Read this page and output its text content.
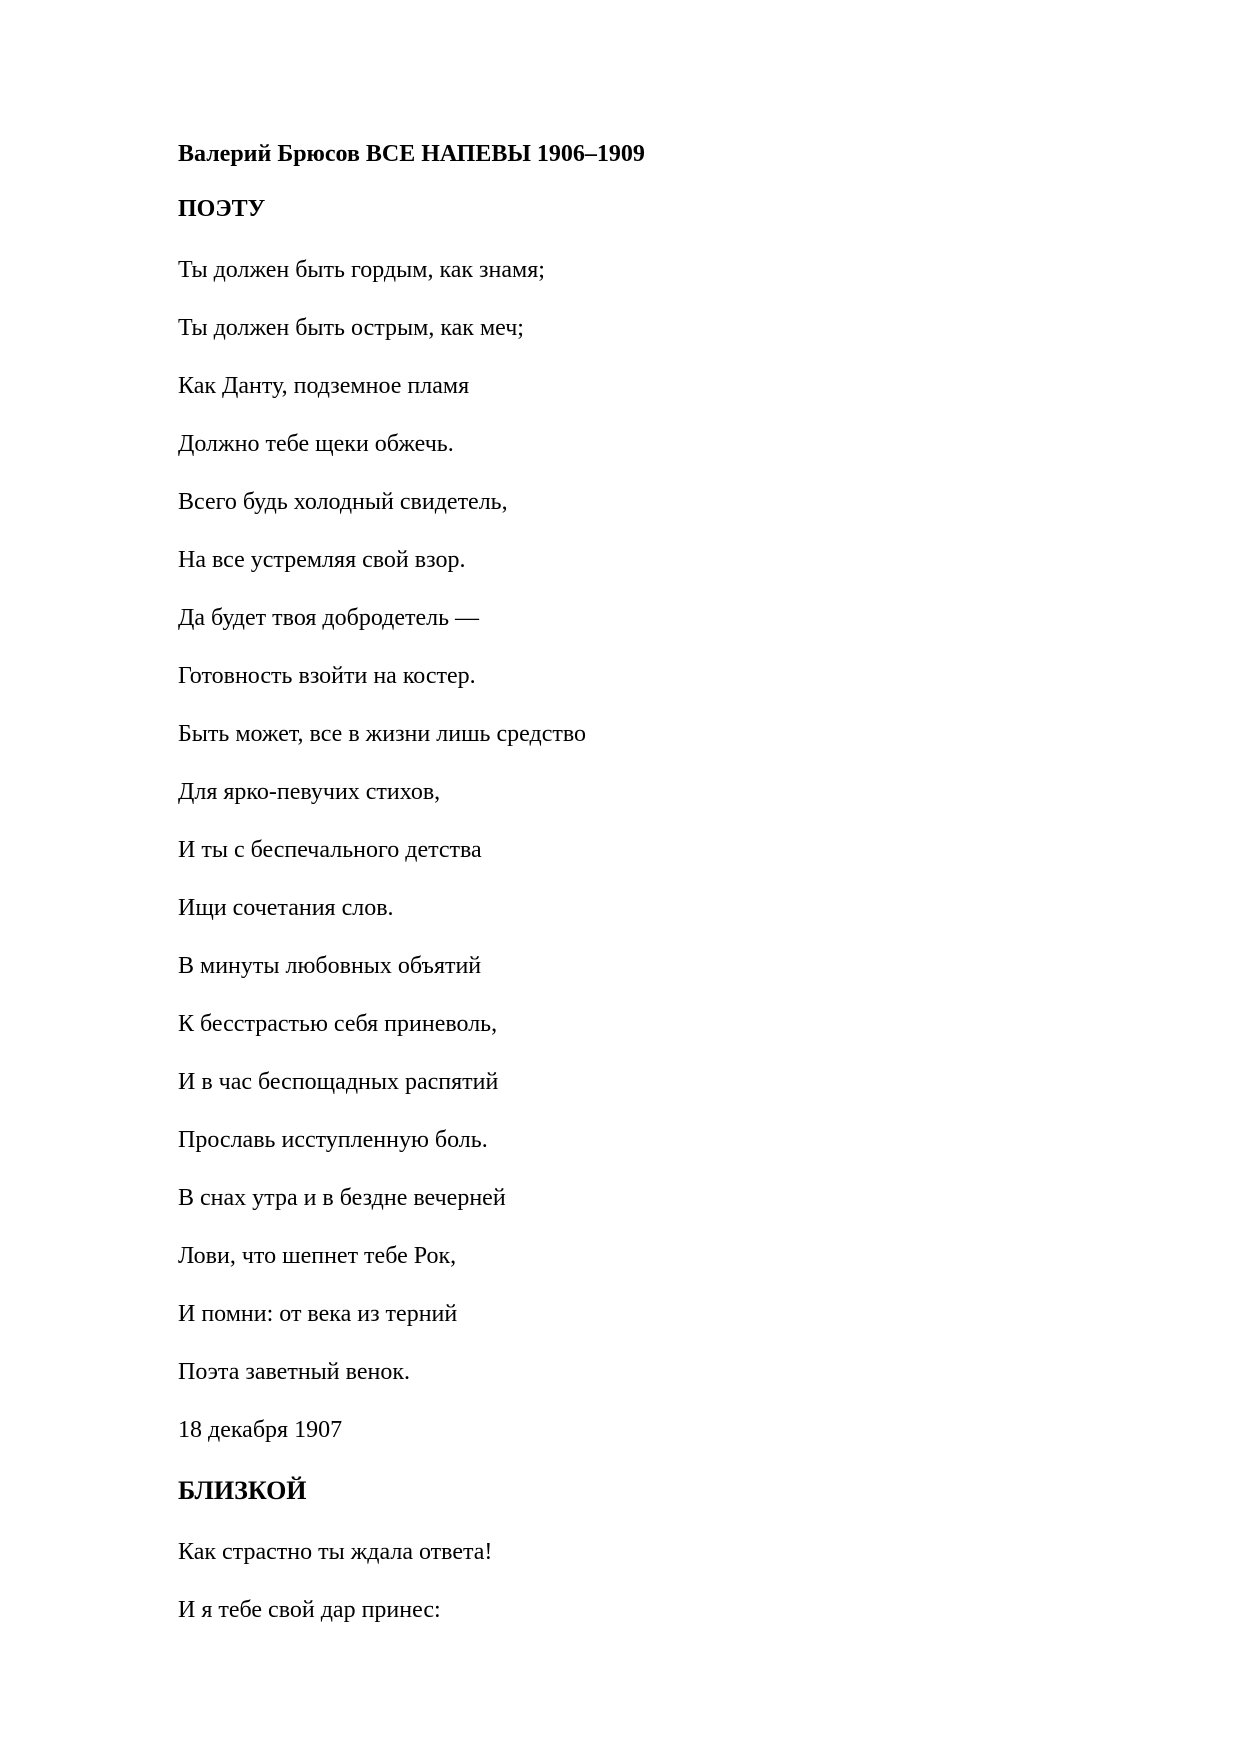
Валерий Брюсов ВСЕ НАПЕВЫ 1906–1909
ПОЭТУ
Ты должен быть гордым, как знамя;
Ты должен быть острым, как меч;
Как Данту, подземное пламя
Должно тебе щеки обжечь.
Всего будь холодный свидетель,
На все устремляя свой взор.
Да будет твоя добродетель —
Готовность взойти на костер.
Быть может, все в жизни лишь средство
Для ярко-певучих стихов,
И ты с беспечального детства
Ищи сочетания слов.
В минуты любовных объятий
К бесстрастью себя приневоль,
И в час беспощадных распятий
Прославь исступленную боль.
В снах утра и в бездне вечерней
Лови, что шепнет тебе Рок,
И помни: от века из терний
Поэта заветный венок.
18 декабря 1907
БЛИЗКОЙ
Как страстно ты ждала ответа!
И я тебе свой дар принес:
